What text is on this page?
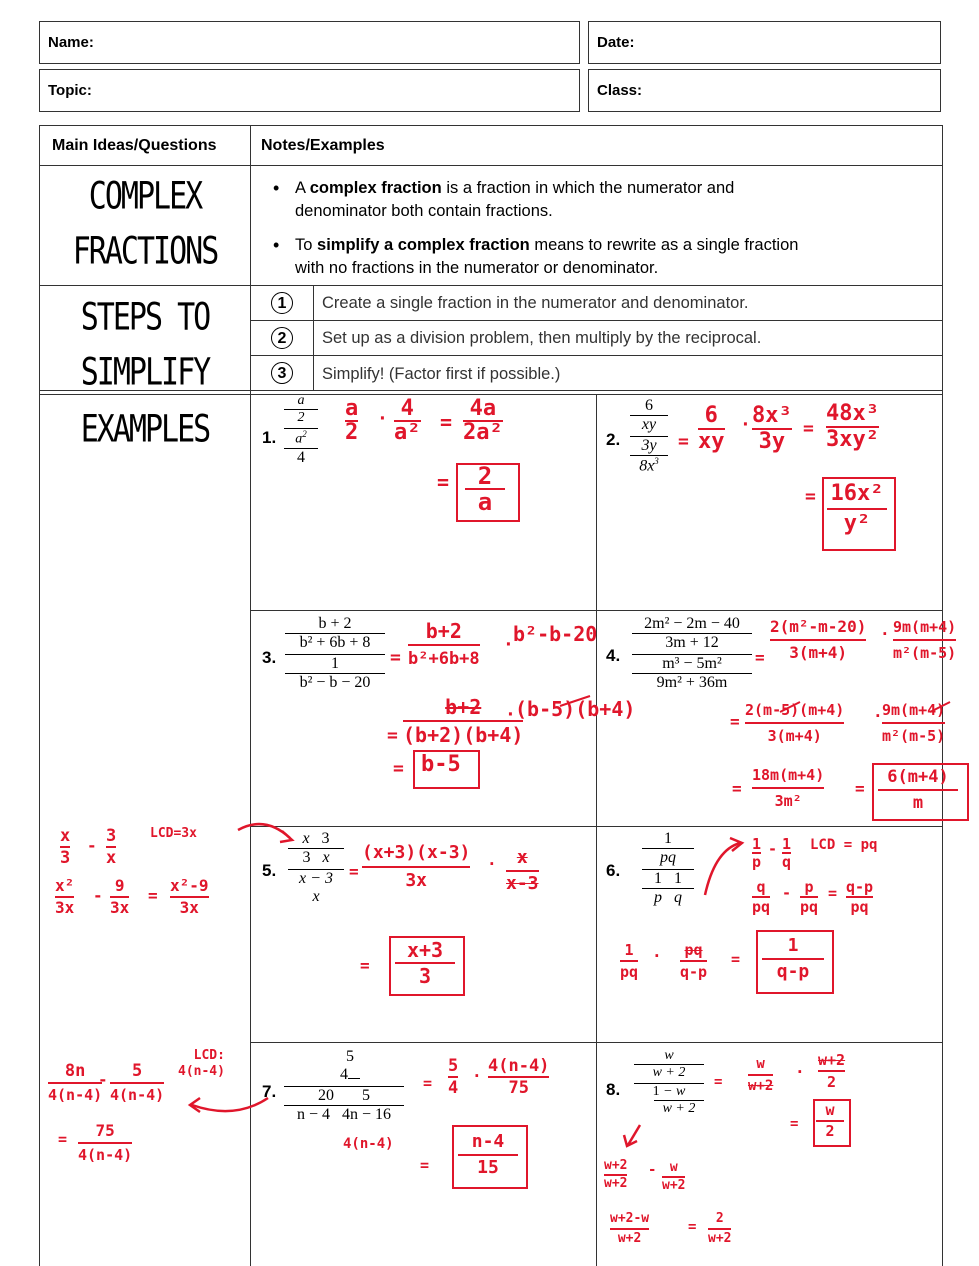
Name:	Date:
Topic:	Class:
Main Ideas/Questions	Notes/Examples
COMPLEX
FRACTIONS
STEPS TO
SIMPLIFY
EXAMPLES
• A complex fraction is a fraction in which the numerator and
denominator both contain fractions.
• To simplify a complex fraction means to rewrite as a single fraction
with no fractions in the numerator or denominator.
1	Create a single fraction in the numerator and denominator.
2	Set up as a division problem, then multiply by the reciprocal.
3	Simplify! (Factor first if possible.)
1.
a
2
$a^2$
4
2.
6
xy
3y
$8x^3$
3.
b + 2
b² + 6b + 8
1
b² − b − 20
4.
2m² − 2m − 40
3m + 12
m³ − 5m²
9m² + 36m
5.
x 3
3 x
x − 3
x
6.
1
pq
1 1
p q
7.
5
4
20 5
n − 4 4n − 16
8.
w
w + 2
1 − w
w + 2
a
2
· 4
a² =
4a
2a²
=	2
a
=
6
xy
· 8x³
3y
=
48x³
3xy²
= 16x²
y²
=
b+2
b²+6b+8
· b²-b-20
=
b+2
(b+2)(b+4)
· (b-5)(b+4)
= b-5
2(m²-m-20)
3(m+4)
· 9m(m+4)
m²(m-5)
=
=
2(m-5)(m+4)
3(m+4)
· 9m(m+4)
m²(m-5)
=
18m(m+4)
3m²
=
6(m+4)
m
=
(x+3)(x-3)
3x
·	x
x-3
=
x+3
3
x
3
- 3
x
LCD=3x
x²
3x
-
9
3x
=
x²-9
3x
1
p
- 1
q
LCD = pq
q
pq
- p
pq
= q-p
pq
1
pq
·	pq
q-p
=
1
q-p
=
5
4
· 4(n-4)
75
4(n-4)
=
n-4
15
8n
4(n-4)
-	5
4(n-4)
LCD:
4(n-4)
=	75
4(n-4)
=
w
w+2
·
w+2
2
=
w
2
w+2
w+2
-	w
w+2
w+2-w
w+2
=
2
w+2
